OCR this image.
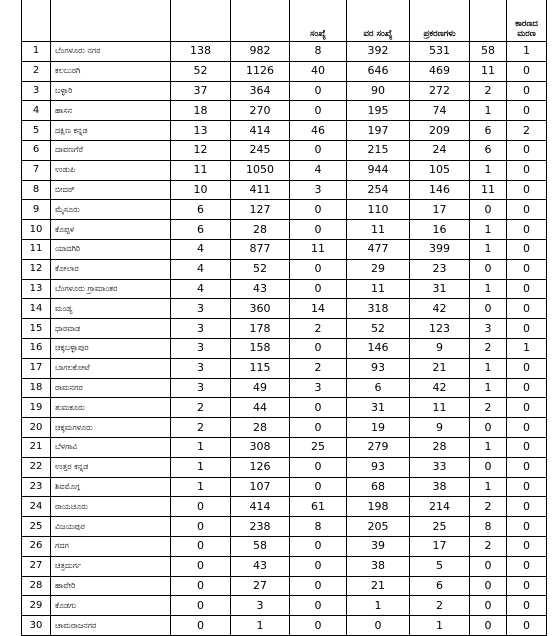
				ಸಂಖ್ಯೆ	ವರ ಸಂಖ್ಯೆ	ಪ್ರಕರಣಗಳು		ಕಾರಣದ ಮರಣ
1	ಬೆಂಗಳೂರು ನಗರ	138	982	8	392	531	58	1
2	ಕಲಬುರಗಿ	52	1126	40	646	469	11	0
3	ಬಳ್ಳಾರಿ	37	364	0	90	272	2	0
4	ಹಾಸನ	18	270	0	195	74	1	0
5	ದಕ್ಷಿಣ ಕನ್ನಡ	13	414	46	197	209	6	2
6	ದಾವಣಗೆರೆ	12	245	0	215	24	6	0
7	ಉಡುಪಿ	11	1050	4	944	105	1	0
8	ಬೀದರ್	10	411	3	254	146	11	0
9	ಮೈಸೂರು	6	127	0	110	17	0	0
10	ಕೊಪ್ಪಳ	6	28	0	11	16	1	0
11	ಯಾದಗಿರಿ	4	877	11	477	399	1	0
12	ಕೋಲಾರ	4	52	0	29	23	0	0
13	ಬೆಂಗಳೂರು ಗ್ರಾಮಾಂತರ	4	43	0	11	31	1	0
14	ಮಂಡ್ಯ	3	360	14	318	42	0	0
15	ಧಾರವಾಡ	3	178	2	52	123	3	0
16	ಚಿಕ್ಕಬಳ್ಳಾಪುರ	3	158	0	146	9	2	1
17	ಬಾಗಲಕೋಟೆ	3	115	2	93	21	1	0
18	ರಾಮನಗರ	3	49	3	6	42	1	0
19	ತುಮಕೂರು	2	44	0	31	11	2	0
20	ಚಿಕ್ಕಮಗಳೂರು	2	28	0	19	9	0	0
21	ಬೆಳಗಾವಿ	1	308	25	279	28	1	0
22	ಉತ್ತರ ಕನ್ನಡ	1	126	0	93	33	0	0
23	ಶಿವಮೊಗ್ಗ	1	107	0	68	38	1	0
24	ರಾಯಚೂರು	0	414	61	198	214	2	0
25	ವಿಜಯಪುರ	0	238	8	205	25	8	0
26	ಗದಗ	0	58	0	39	17	2	0
27	ಚಿತ್ರದುರ್ಗ	0	43	0	38	5	0	0
28	ಹಾವೇರಿ	0	27	0	21	6	0	0
29	ಕೊಡಗು	0	3	0	1	2	0	0
30	ಚಾಮರಾಜನಗರ	0	1	0	0	1	0	0
